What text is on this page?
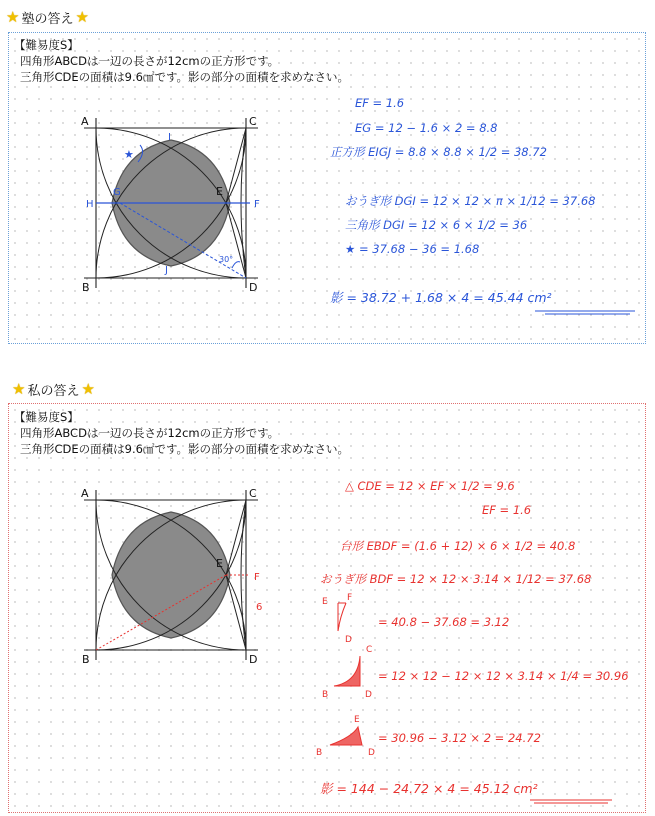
★ 塾の答え ★
【難易度S】
四角形ABCDは一辺の長さが12cmの正方形です。
三角形CDEの面積は9.6㎠です。影の部分の面積を求めなさい。
A	C
B	D
E
F
G
H
I
J
30°
★
EF = 1.6
EG = 12 − 1.6 × 2 = 8.8
正方形 EIGJ = 8.8 × 8.8 × 1/2 = 38.72
おうぎ形 DGI = 12 × 12 × π × 1/12 = 37.68
三角形 DGI = 12 × 6 × 1/2 = 36
★ = 37.68 − 36 = 1.68
影 = 38.72 + 1.68 × 4 = 45.44 cm²
★ 私の答え ★
【難易度S】
四角形ABCDは一辺の長さが12cmの正方形です。
三角形CDEの面積は9.6㎠です。影の部分の面積を求めなさい。
A	C
B	D
E
F
6
△ CDE = 12 × EF × 1/2 = 9.6
EF = 1.6
台形 EBDF = (1.6 + 12) × 6 × 1/2 = 40.8
おうぎ形 BDF = 12 × 12 × 3.14 × 1/12 = 37.68
= 40.8 − 37.68 = 3.12
= 12 × 12 − 12 × 12 × 3.14 × 1/4 = 30.96
= 30.96 − 3.12 × 2 = 24.72
影 = 144 − 24.72 × 4 = 45.12 cm²
E F
D
C
B	D
E
B	D
